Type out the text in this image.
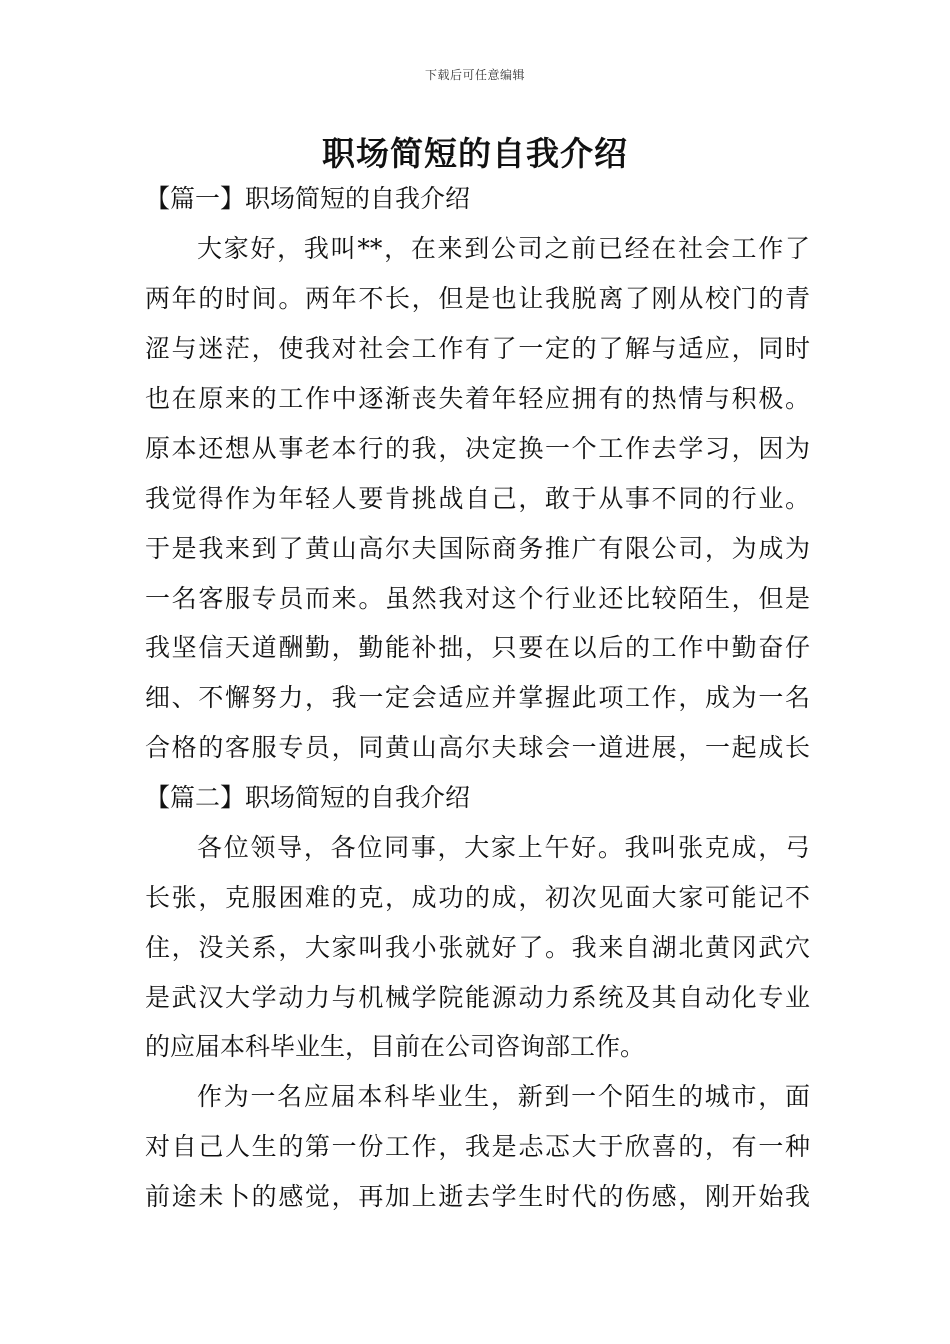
下载后可任意编辑
职场简短的自我介绍
【篇一】职场简短的自我介绍
大家好，我叫**，在来到公司之前已经在社会工作了
两年的时间。两年不长，但是也让我脱离了刚从校门的青
涩与迷茫，使我对社会工作有了一定的了解与适应，同时
也在原来的工作中逐渐丧失着年轻应拥有的热情与积极。
原本还想从事老本行的我，决定换一个工作去学习，因为
我觉得作为年轻人要肯挑战自己，敢于从事不同的行业。
于是我来到了黄山高尔夫国际商务推广有限公司，为成为
一名客服专员而来。虽然我对这个行业还比较陌生，但是
我坚信天道酬勤，勤能补拙，只要在以后的工作中勤奋仔
细、不懈努力，我一定会适应并掌握此项工作，成为一名
合格的客服专员，同黄山高尔夫球会一道进展，一起成长
【篇二】职场简短的自我介绍
各位领导，各位同事，大家上午好。我叫张克成，弓
长张，克服困难的克，成功的成，初次见面大家可能记不
住，没关系，大家叫我小张就好了。我来自湖北黄冈武穴
是武汉大学动力与机械学院能源动力系统及其自动化专业
的应届本科毕业生，目前在公司咨询部工作。
作为一名应届本科毕业生，新到一个陌生的城市，面
对自己人生的第一份工作，我是忐忑大于欣喜的，有一种
前途未卜的感觉，再加上逝去学生时代的伤感，刚开始我
